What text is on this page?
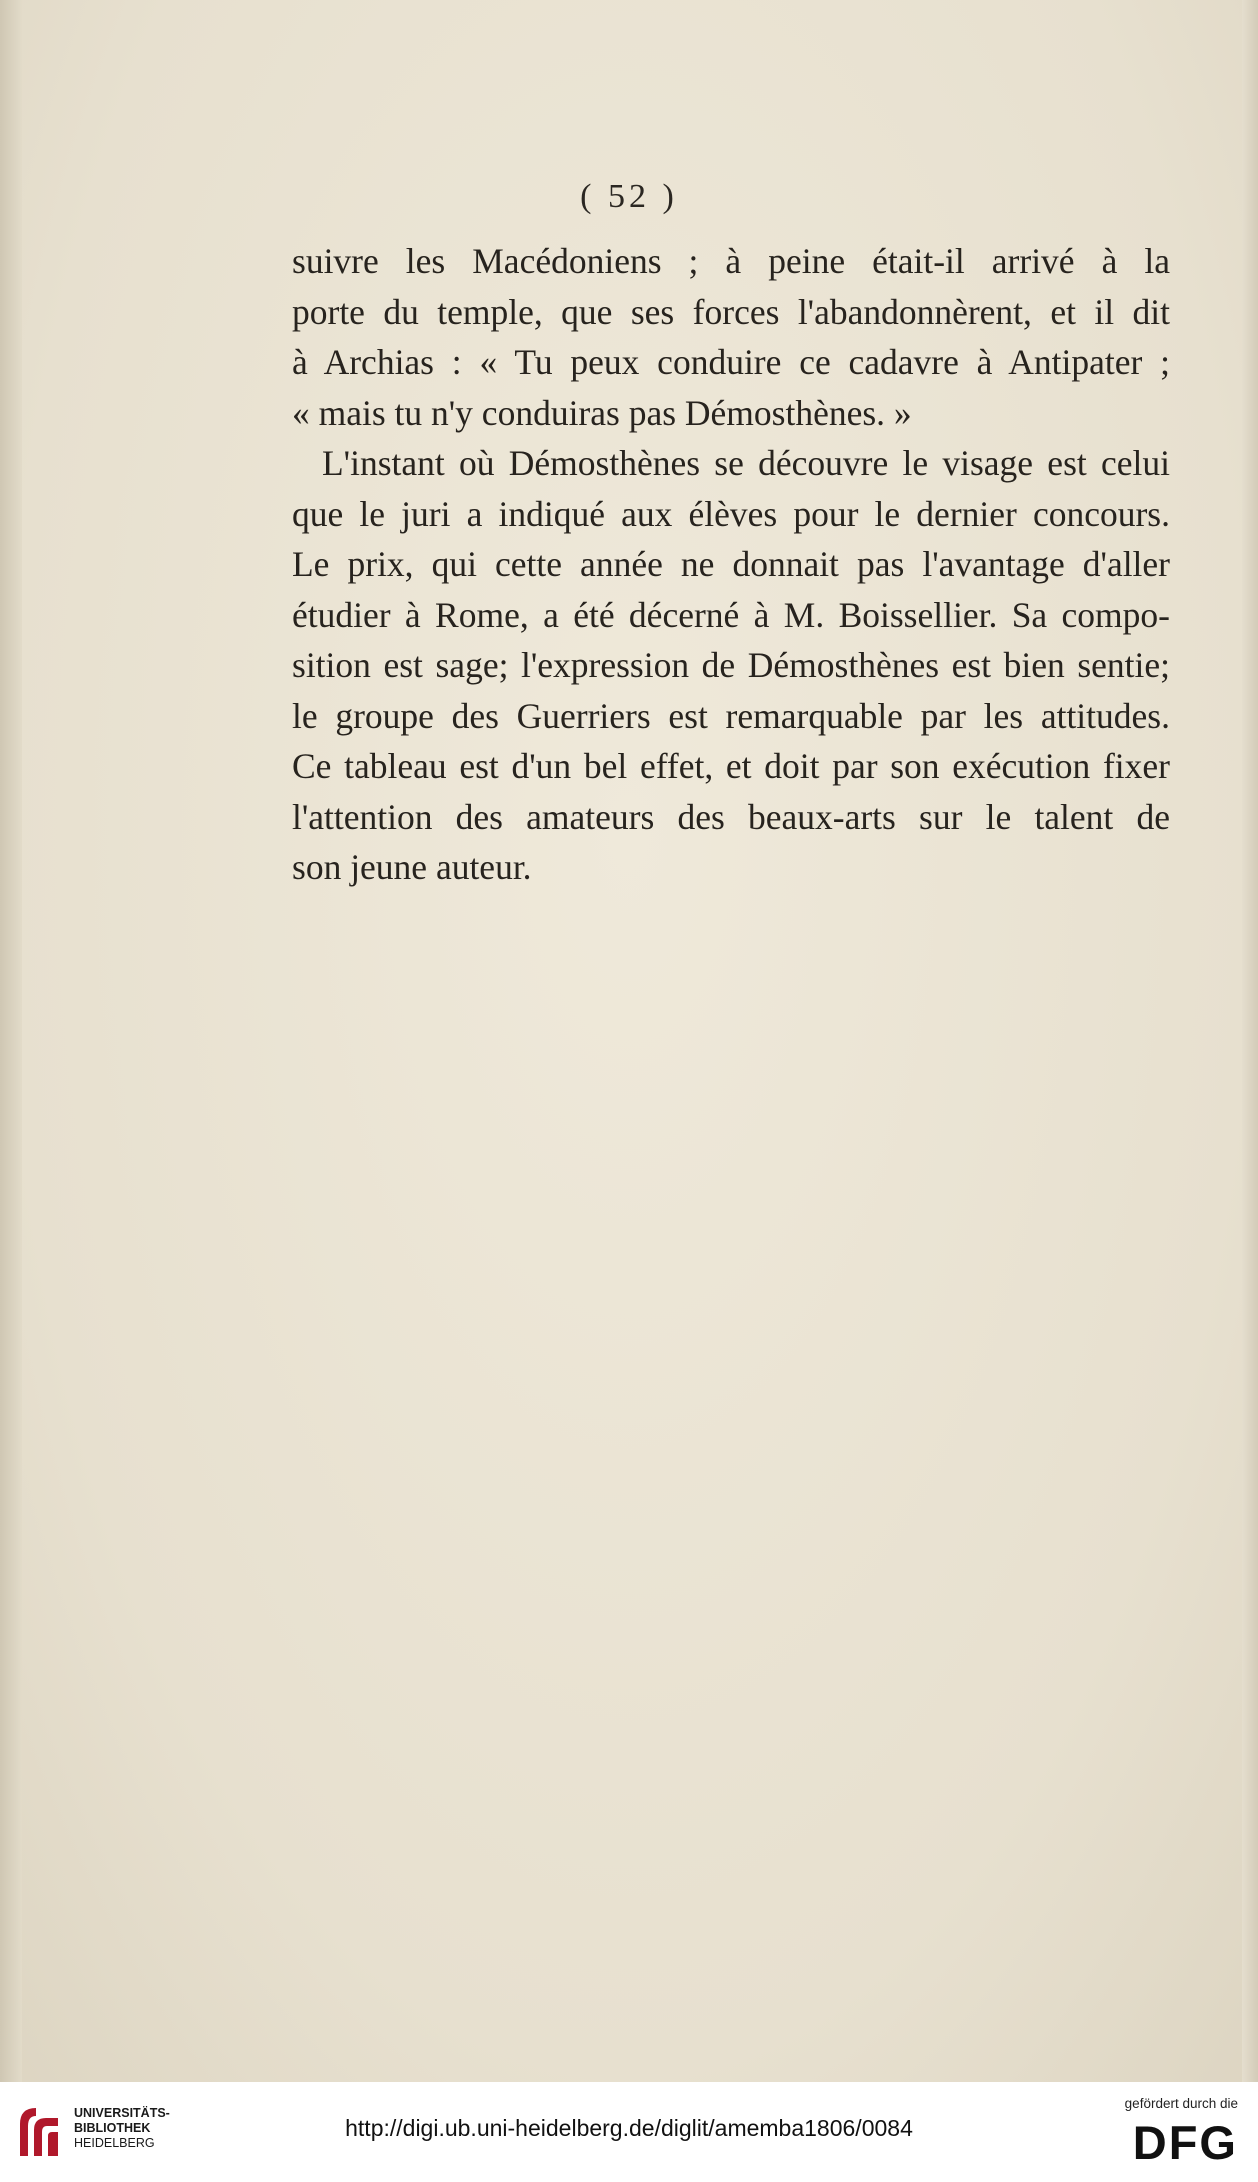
( 52 )
suivre les Macédoniens ; à peine était-il arrivé à la
porte du temple, que ses forces l'abandonnèrent, et il dit
à Archias : « Tu peux conduire ce cadavre à Antipater ;
« mais tu n'y conduiras pas Démosthènes. »
L'instant où Démosthènes se découvre le visage est celui
que le juri a indiqué aux élèves pour le dernier concours.
Le prix, qui cette année ne donnait pas l'avantage d'aller
étudier à Rome, a été décerné à M. Boissellier. Sa compo-
sition est sage; l'expression de Démosthènes est bien sentie;
le groupe des Guerriers est remarquable par les attitudes.
Ce tableau est d'un bel effet, et doit par son exécution fixer
l'attention des amateurs des beaux-arts sur le talent de
son jeune auteur.
UNIVERSITÄTS-
BIBLIOTHEK
HEIDELBERG
http://digi.ub.uni-heidelberg.de/diglit/amemba1806/0084
gefördert durch die
DFG
